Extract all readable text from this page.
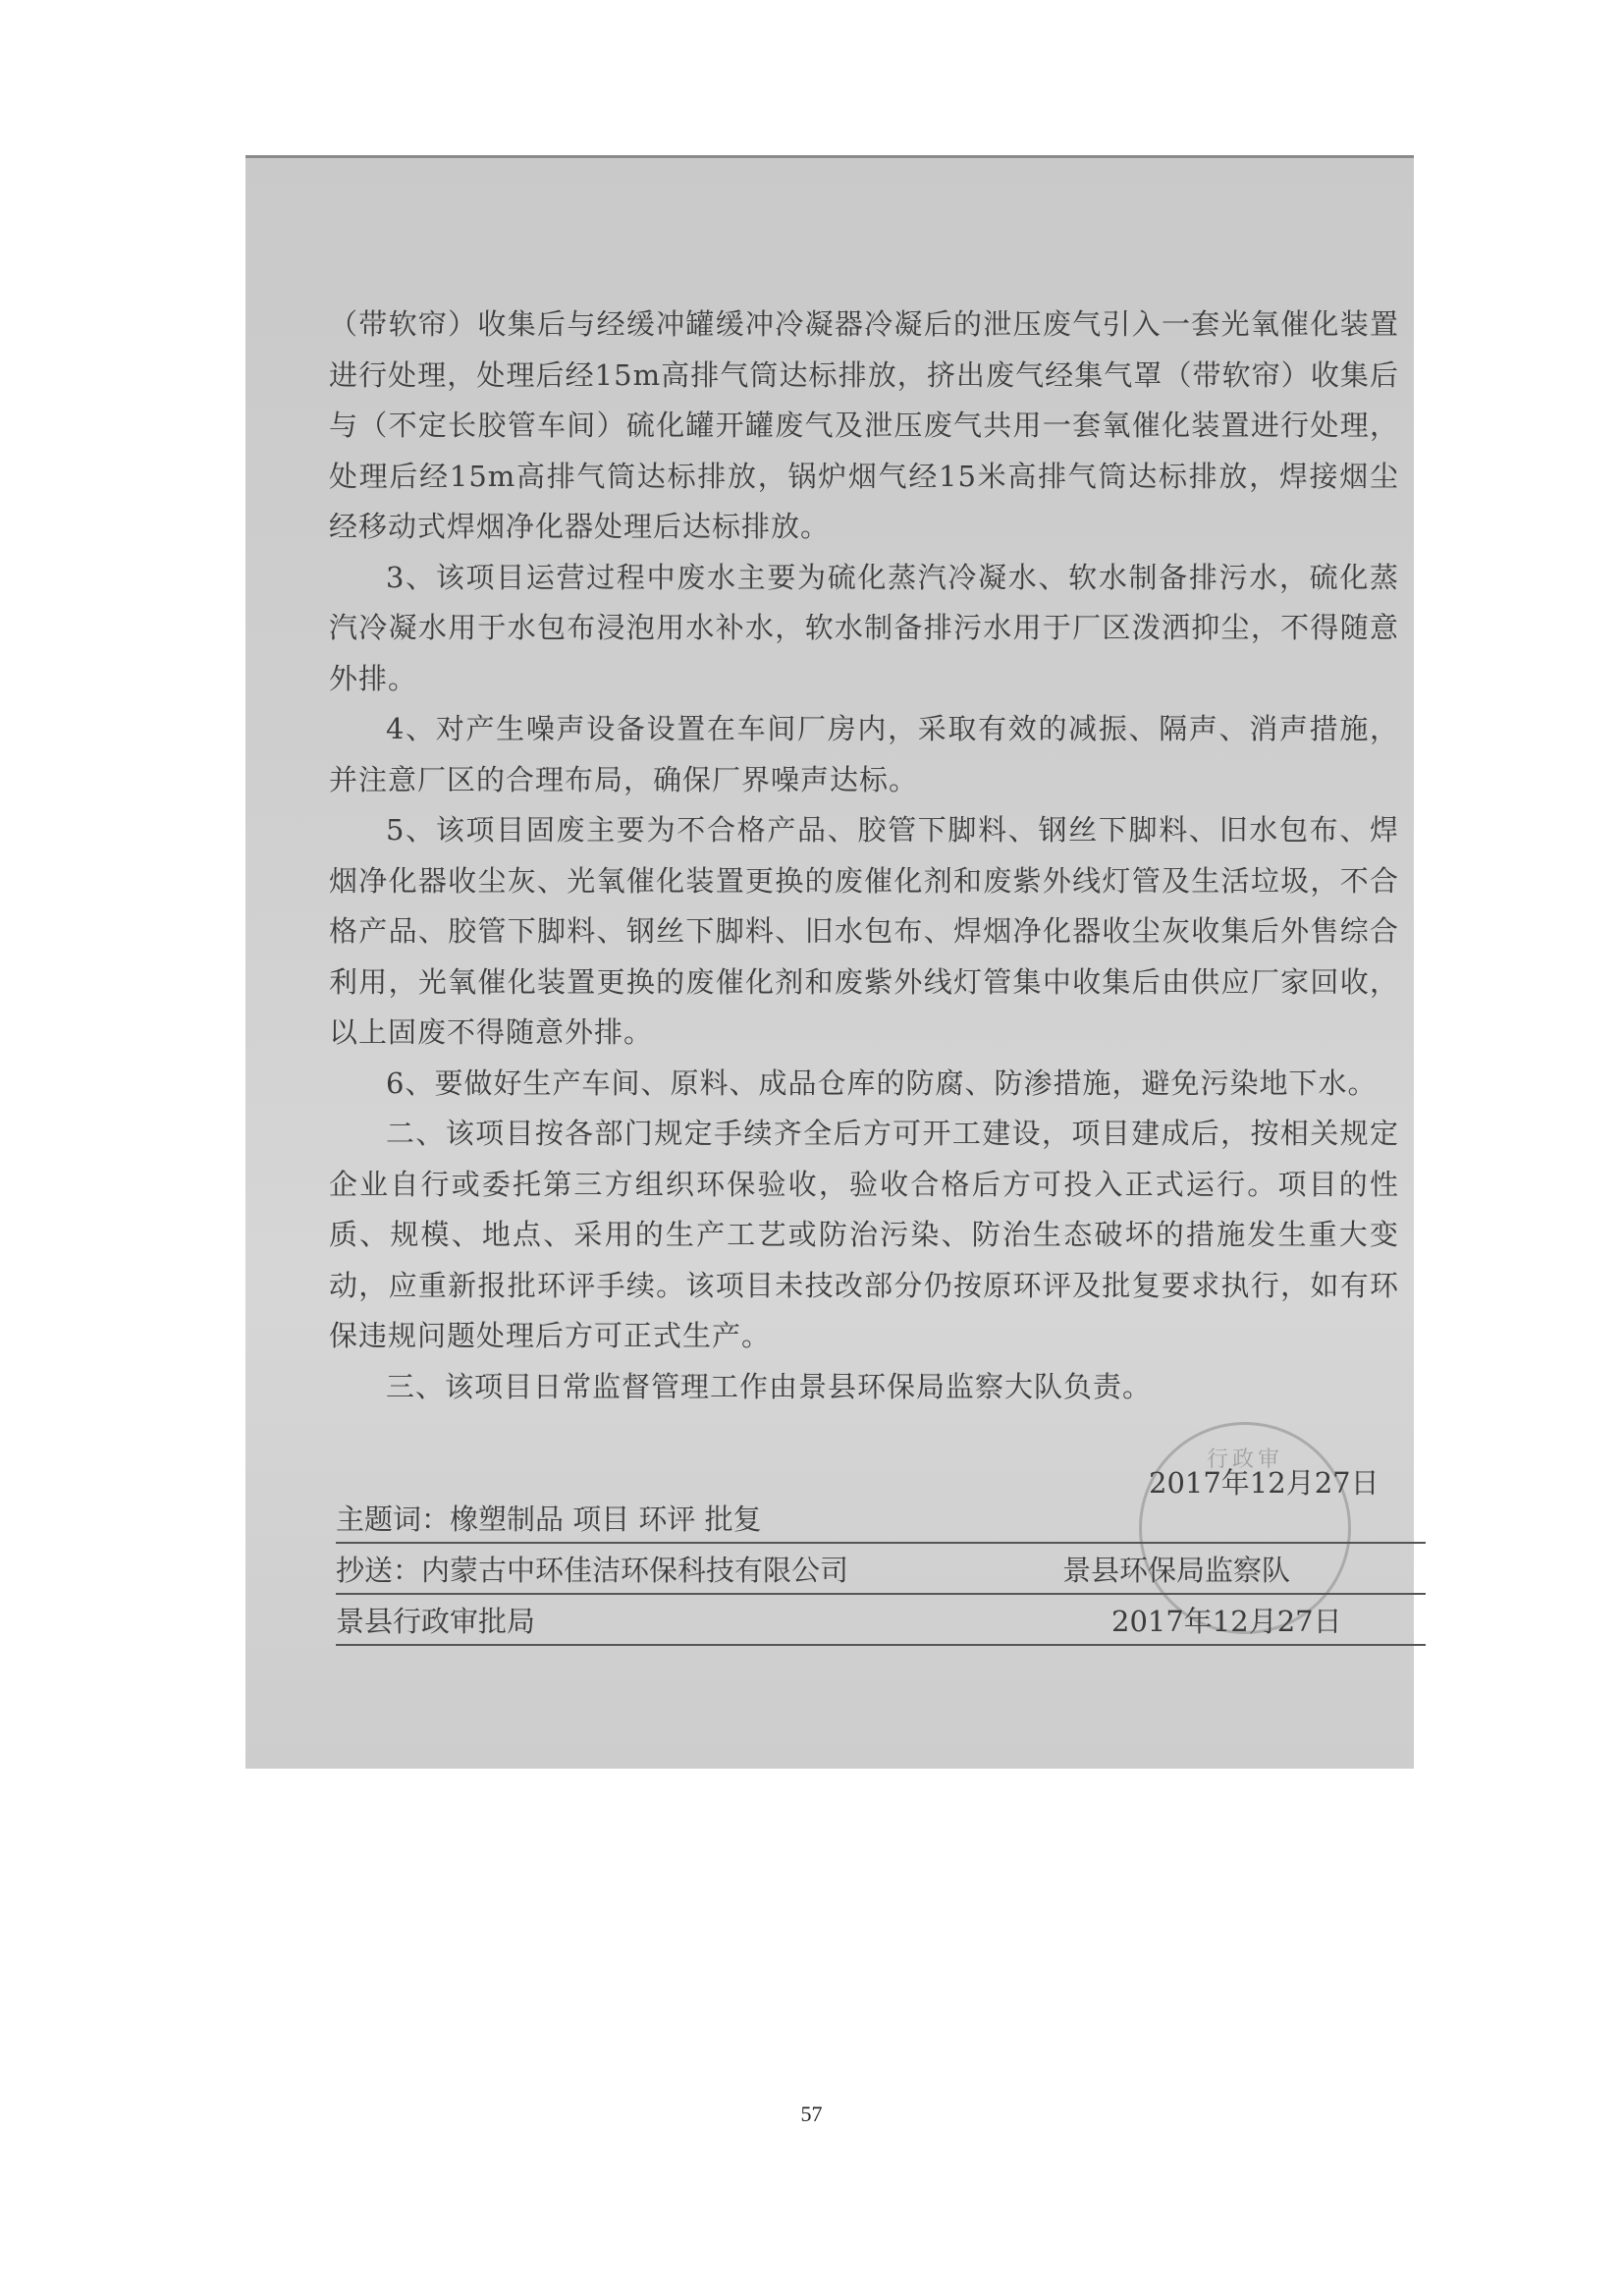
（带软帘）收集后与经缓冲罐缓冲冷凝器冷凝后的泄压废气引入一套光氧催化装置进行处理，处理后经15m高排气筒达标排放，挤出废气经集气罩（带软帘）收集后与（不定长胶管车间）硫化罐开罐废气及泄压废气共用一套氧催化装置进行处理，处理后经15m高排气筒达标排放，锅炉烟气经15米高排气筒达标排放，焊接烟尘经移动式焊烟净化器处理后达标排放。

3、该项目运营过程中废水主要为硫化蒸汽冷凝水、软水制备排污水，硫化蒸汽冷凝水用于水包布浸泡用水补水，软水制备排污水用于厂区泼洒抑尘，不得随意外排。

4、对产生噪声设备设置在车间厂房内，采取有效的减振、隔声、消声措施，并注意厂区的合理布局，确保厂界噪声达标。

5、该项目固废主要为不合格产品、胶管下脚料、钢丝下脚料、旧水包布、焊烟净化器收尘灰、光氧催化装置更换的废催化剂和废紫外线灯管及生活垃圾，不合格产品、胶管下脚料、钢丝下脚料、旧水包布、焊烟净化器收尘灰收集后外售综合利用，光氧催化装置更换的废催化剂和废紫外线灯管集中收集后由供应厂家回收，以上固废不得随意外排。

6、要做好生产车间、原料、成品仓库的防腐、防渗措施，避免污染地下水。

二、该项目按各部门规定手续齐全后方可开工建设，项目建成后，按相关规定企业自行或委托第三方组织环保验收，验收合格后方可投入正式运行。项目的性质、规模、地点、采用的生产工艺或防治污染、防治生态破坏的措施发生重大变动，应重新报批环评手续。该项目未技改部分仍按原环评及批复要求执行，如有环保违规问题处理后方可正式生产。

三、该项目日常监督管理工作由景县环保局监察大队负责。

行政审
2017年12月27日
主题词：橡塑制品 项目 环评 批复
抄送：内蒙古中环佳洁环保科技有限公司	景县环保局监察队
景县行政审批局	2017年12月27日
57
